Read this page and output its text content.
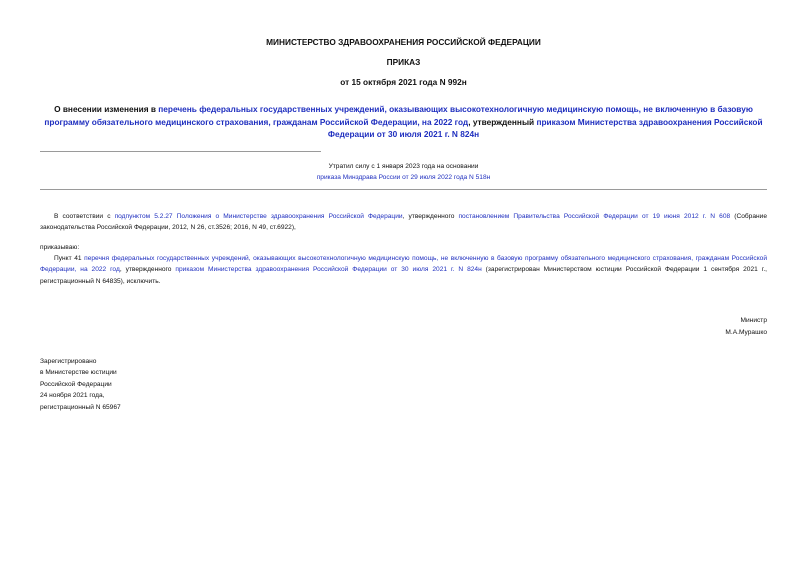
МИНИСТЕРСТВО ЗДРАВООХРАНЕНИЯ РОССИЙСКОЙ ФЕДЕРАЦИИ
ПРИКАЗ
от 15 октября 2021 года N 992н
О внесении изменения в перечень федеральных государственных учреждений, оказывающих высокотехнологичную медицинскую помощь, не включенную в базовую программу обязательного медицинского страхования, гражданам Российской Федерации, на 2022 год, утвержденный приказом Министерства здравоохранения Российской Федерации от 30 июля 2021 г. N 824н
Утратил силу с 1 января 2023 года на основании
приказа Минздрава России от 29 июля 2022 года N 518н

В соответствии с подпунктом 5.2.27 Положения о Министерстве здравоохранения Российской Федерации, утвержденного постановлением Правительства Российской Федерации от 19 июня 2012 г. N 608 (Собрание законодательства Российской Федерации, 2012, N 26, ст.3526; 2016, N 49, ст.6922),

приказываю:

Пункт 41 перечня федеральных государственных учреждений, оказывающих высокотехнологичную медицинскую помощь, не включенную в базовую программу обязательного медицинского страхования, гражданам Российской Федерации, на 2022 год, утвержденного приказом Министерства здравоохранения Российской Федерации от 30 июля 2021 г. N 824н (зарегистрирован Министерством юстиции Российской Федерации 1 сентября 2021 г., регистрационный N 64835), исключить.

Министр
М.А.Мурашко
Зарегистрировано
в Министерстве юстиции
Российской Федерации
24 ноября 2021 года,
регистрационный N 65967
